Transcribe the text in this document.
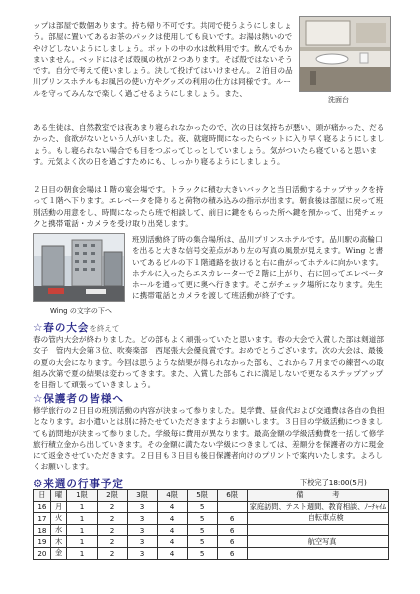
ップは部屋で数個あります。持ち帰り不可です。共同で使うようにしましょう。部屋に置いてあるお茶のパックは使用しても良いです。お湯は熱いのでやけどしないようにしましょう。ポットの中の水は飲料用です。飲んでもかまいません。ベッドにはそば殻風の枕が２つあります。そば殻ではないそうです。自分で考えて使いましょう。決して投げてはいけません。２泊目の品川プリンスホテルもお風呂の使い方やグッズの利用の仕方は同様です。ルールを守ってみんなで楽しく過ごせるようにしましょう。また、

洗面台

ある生徒は、自然教室では夜あまり寝られなかったので、次の日は気持ちが悪い、頭が痛かった、だるかった、食欲がないという人がいました。夜、就寝時間になったらベットに入り早く寝るようにしましょう。もし寝られない場合でも目をつぶってじっとしていましょう。気がついたら寝ていると思います。元気よく次の日を過ごすためにも、しっかり寝るようにしましょう。

２日目の朝食会場は１階の宴会場です。トラックに積む大きいバックと当日活動するナップサックを持って１階へ下ります。エレベータを降りると荷物の積み込みの指示が出ます。朝食後は部屋に戻って班別活動の用意をし、時間になったら班で相談して、前日に鍵をもらった所へ鍵を預かって、出発チェックと携帯電話・カメラを受け取り出発します。

Wing の文字の下へ

班別活動終了時の集合場所は、品川プリンスホテルです。品川駅の高輪口を出ると大きな信号交差点があり左の写真の風景が見えます。Wing と書いてあるビルの下１階通路を抜けると右に曲がってホテルに向かいます。ホテルに入ったらエスカレーターで２階に上がり、右に回ってエレベータホールを通って更に奥へ行きます。そこがチェック場所になります。先生に携帯電話とカメラを渡して班活動が終了です。

☆春の大会を終えて

春の管内大会が終わりました。どの部もよく頑張っていたと思います。春の大会で入賞した部は剣道部女子　管内大会第３位、吹奏楽部　西尾張大会優良賞です。おめでとうございます。次の大会は、最後の夏の大会になります。今回は思うような結果が得られなかった部も、これから７月までの練習への取組み次第で夏の結果は変わってきます。また、入賞した部もこれに満足しないで更なるステップアップを目指して頑張っていきましょう。

☆保護者の皆様へ

修学旅行の２日目の班別活動の内容が決まって参りました。見学費、昼食代および交通費は各自の負担となります。お小遣いとは別に持たせていただきますようお願いします。３日目の学級活動につきましても訪問地が決まって参りました。学級毎に費用が異なります。最高金額の学級活動費を一括して修学旅行積立金から出していきます。その金額に満たない学級につきましては、差額分を保護者の方に現金にて返金させていただきます。２日目も３日目も後日保護者向けのプリントで案内いたします。よろしくお願いします。

⚙来週の行事予定	下校完了18:00(5月)
日	曜	1限	2限	3限	4限	5限	6限	備　　　　考
16	月	1	2	3	4	5		家庭訪問、テスト週間、教育相談、ﾉｰﾁｬｲﾑ
17	火	1	2	3	4	5	6	自転車点検
18	水	1	2	3	4	5	6	
19	木	1	2	3	4	5	6	航空写真
20	金	1	2	3	4	5	6	
